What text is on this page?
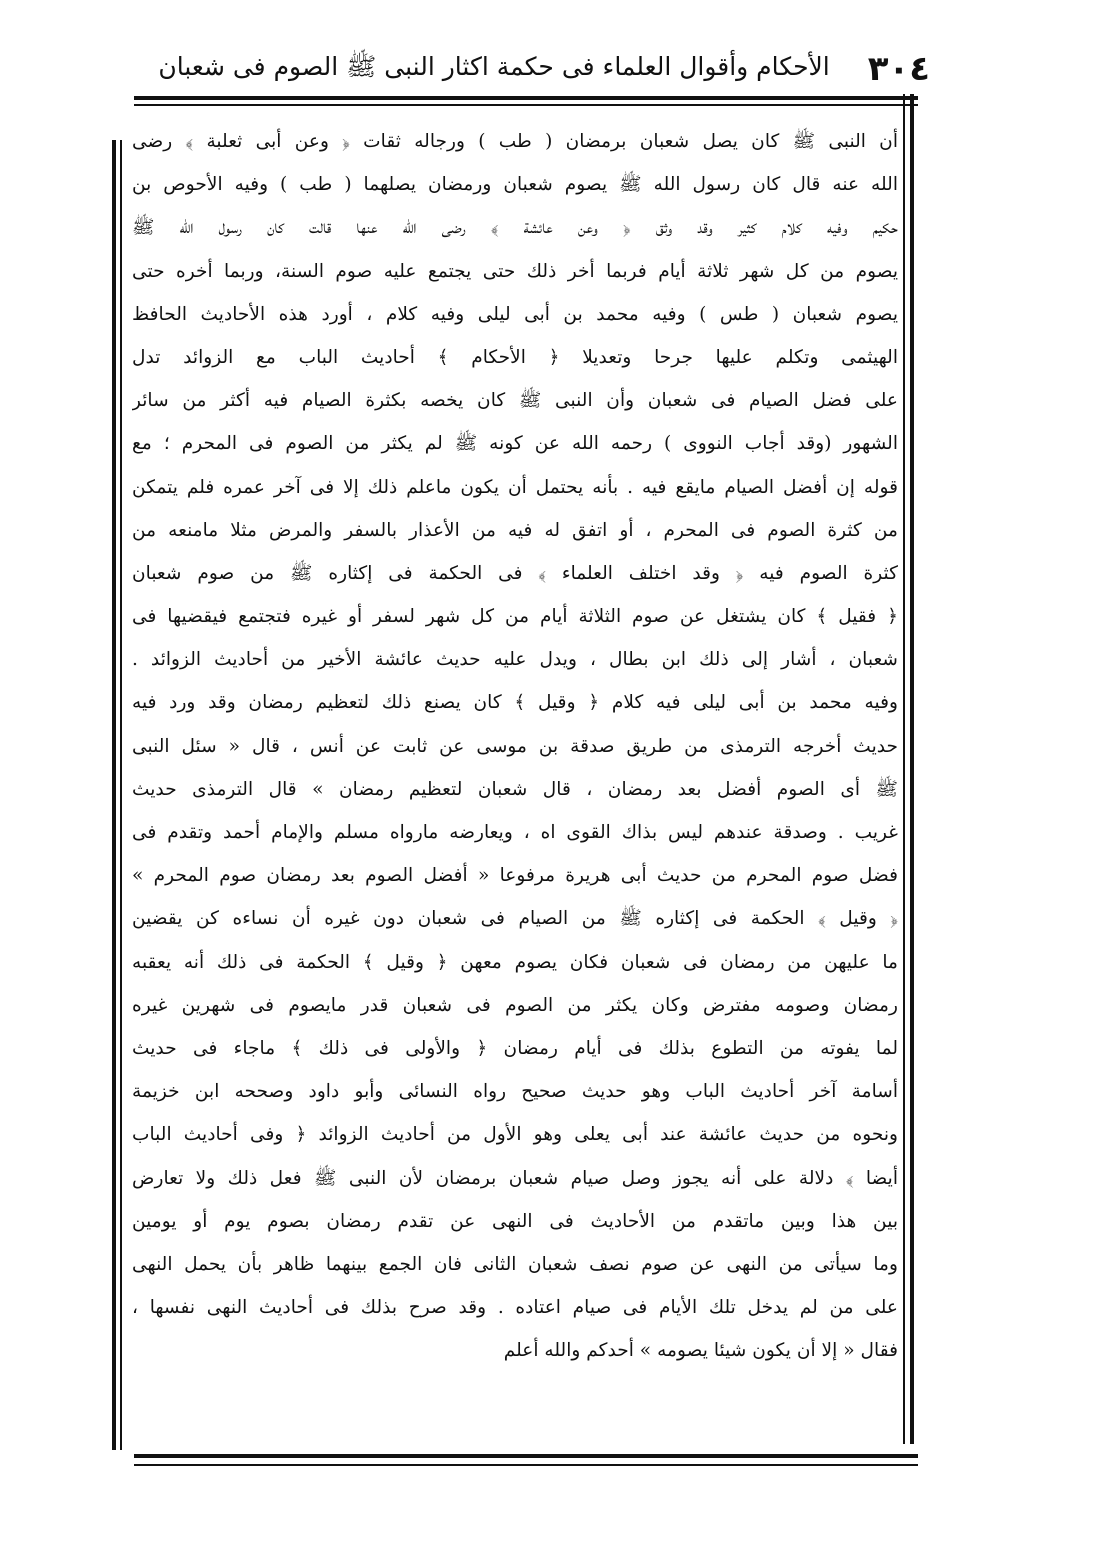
٣٠٤
الأحكام وأقوال العلماء فى حكمة اكثار النبى ﷺ الصوم فى شعبان
أن النبى ﷺ كان يصل شعبان برمضان ( طب ) ورجاله ثقات ﴿ وعن أبى ثعلبة ﴾ رضى
الله عنه قال كان رسول الله ﷺ يصوم شعبان ورمضان يصلهما ( طب ) وفيه الأحوص بن
حكيم وفيه كلام كثير وقد وثق ﴿ وعن عائشة ﴾ رضى الله عنها قالت كان رسول الله ﷺ
يصوم من كل شهر ثلاثة أيام فربما أخر ذلك حتى يجتمع عليه صوم السنة، وربما أخره حتى
يصوم شعبان ( طس ) وفيه محمد بن أبى ليلى وفيه كلام ، أورد هذه الأحاديث الحافظ
الهيثمى وتكلم عليها جرحا وتعديلا ﴿ الأحكام ﴾ أحاديث الباب مع الزوائد تدل
على فضل الصيام فى شعبان وأن النبى ﷺ كان يخصه بكثرة الصيام فيه أكثر من سائر
الشهور (وقد أجاب النووى ) رحمه الله عن كونه ﷺ لم يكثر من الصوم فى المحرم ؛ مع
قوله إن أفضل الصيام مايقع فيه . بأنه يحتمل أن يكون ماعلم ذلك إلا فى آخر عمره فلم يتمكن
من كثرة الصوم فى المحرم ، أو اتفق له فيه من الأعذار بالسفر والمرض مثلا مامنعه من
كثرة الصوم فيه ﴿ وقد اختلف العلماء ﴾ فى الحكمة فى إكثاره ﷺ من صوم شعبان
﴿ فقيل ﴾ كان يشتغل عن صوم الثلاثة أيام من كل شهر لسفر أو غيره فتجتمع فيقضيها فى
شعبان ، أشار إلى ذلك ابن بطال ، ويدل عليه حديث عائشة الأخير من أحاديث الزوائد .
وفيه محمد بن أبى ليلى فيه كلام ﴿ وقيل ﴾ كان يصنع ذلك لتعظيم رمضان وقد ورد فيه
حديث أخرجه الترمذى من طريق صدقة بن موسى عن ثابت عن أنس ، قال « سئل النبى
ﷺ أى الصوم أفضل بعد رمضان ، قال شعبان لتعظيم رمضان » قال الترمذى حديث
غريب . وصدقة عندهم ليس بذاك القوى اه ، ويعارضه مارواه مسلم والإمام أحمد وتقدم فى
فضل صوم المحرم من حديث أبى هريرة مرفوعا « أفضل الصوم بعد رمضان صوم المحرم »
﴿ وقيل ﴾ الحكمة فى إكثاره ﷺ من الصيام فى شعبان دون غيره أن نساءه كن يقضين
ما عليهن من رمضان فى شعبان فكان يصوم معهن ﴿ وقيل ﴾ الحكمة فى ذلك أنه يعقبه
رمضان وصومه مفترض وكان يكثر من الصوم فى شعبان قدر مايصوم فى شهرين غيره
لما يفوته من التطوع بذلك فى أيام رمضان ﴿ والأولى فى ذلك ﴾ ماجاء فى حديث
أسامة آخر أحاديث الباب وهو حديث صحيح رواه النسائى وأبو داود وصححه ابن خزيمة
ونحوه من حديث عائشة عند أبى يعلى وهو الأول من أحاديث الزوائد ﴿ وفى أحاديث الباب
أيضا ﴾ دلالة على أنه يجوز وصل صيام شعبان برمضان لأن النبى ﷺ فعل ذلك ولا تعارض
بين هذا وبين ماتقدم من الأحاديث فى النهى عن تقدم رمضان بصوم يوم أو يومين
وما سيأتى من النهى عن صوم نصف شعبان الثانى فان الجمع بينهما ظاهر بأن يحمل النهى
على من لم يدخل تلك الأيام فى صيام اعتاده . وقد صرح بذلك فى أحاديث النهى نفسها ،
فقال « إلا أن يكون شيئا يصومه » أحدكم والله أعلم
